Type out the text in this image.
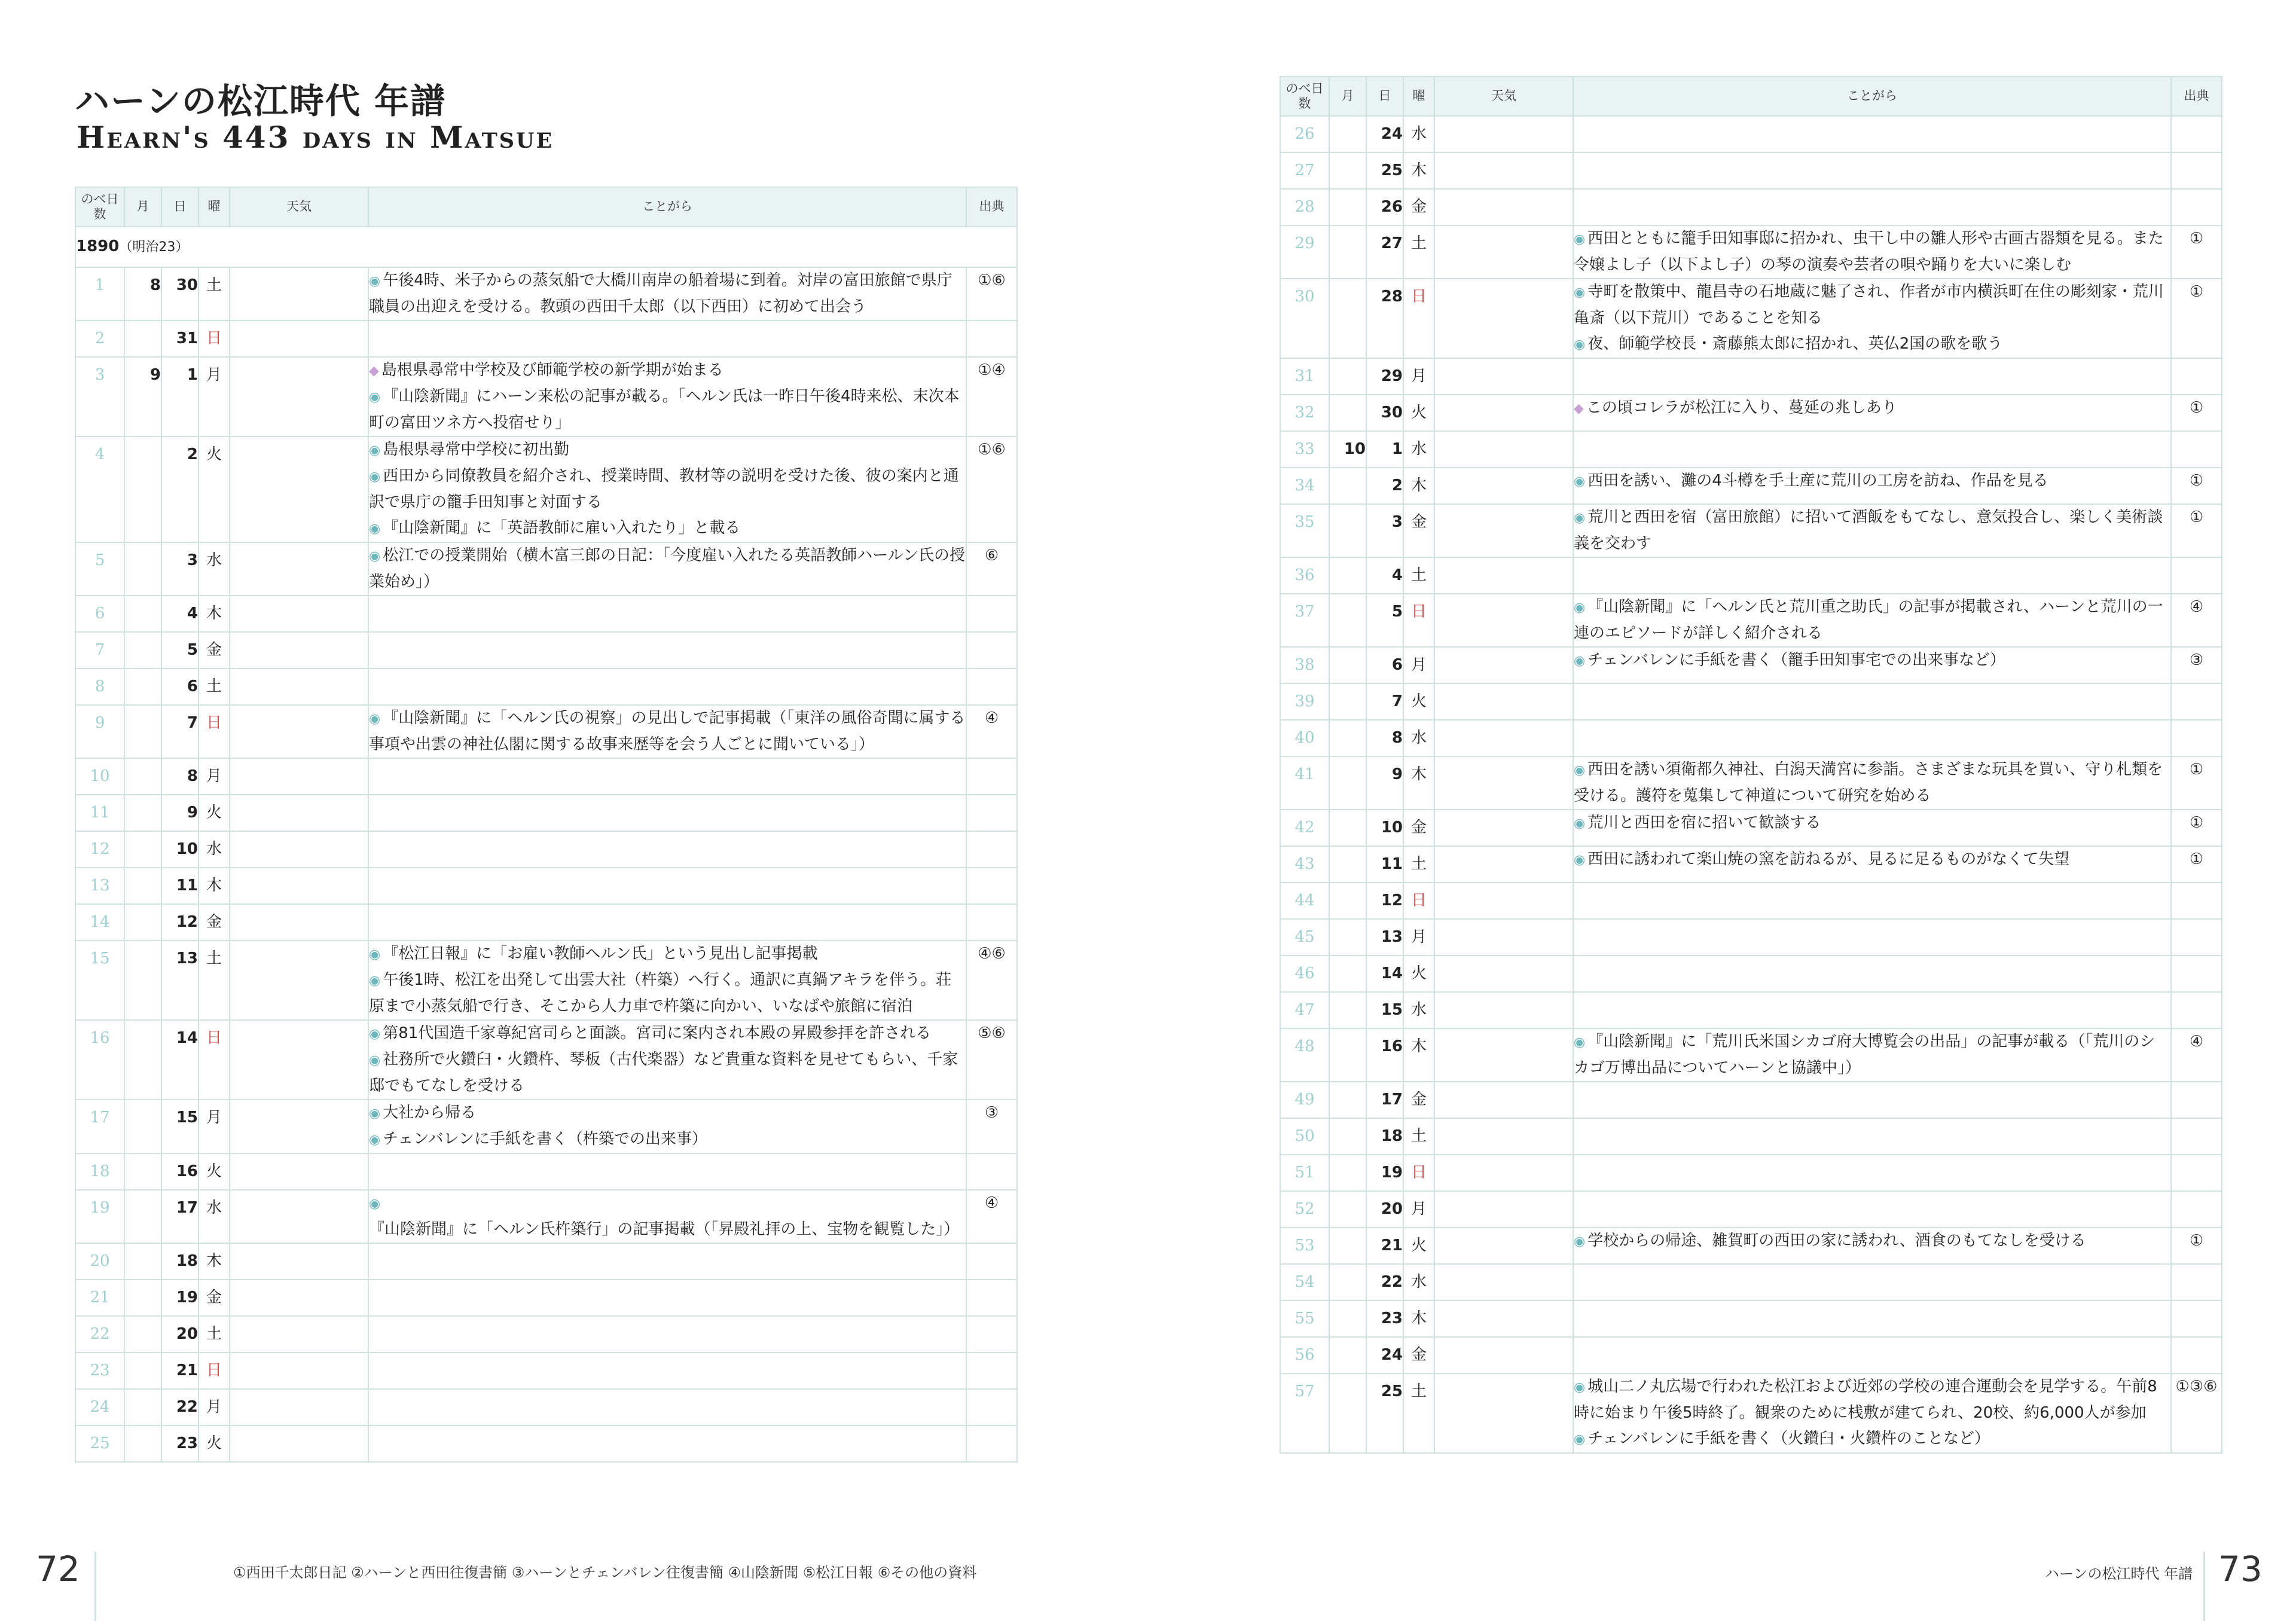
ハーンの松江時代 年譜
Hearn's 443 days in Matsue
のべ日数	月	日	曜	天気	ことがら	出典
1890（明治23）						
1	8	30	土		◉ 午後4時、米子からの蒸気船で大橋川南岸の船着場に到着。対岸の富田旅館で県庁職員の出迎えを受ける。教頭の西田千太郎（以下西田）に初めて出会う	①⑥
2		31	日			
3	9	1	月		◆ 島根県尋常中学校及び師範学校の新学期が始まる
◉ 『山陰新聞』にハーン来松の記事が載る。「ヘルン氏は一昨日午後4時来松、末次本町の富田ツネ方へ投宿せり」	①④
4		2	火		◉ 島根県尋常中学校に初出勤
◉ 西田から同僚教員を紹介され、授業時間、教材等の説明を受けた後、彼の案内と通訳で県庁の籠手田知事と対面する
◉ 『山陰新聞』に「英語教師に雇い入れたり」と載る	①⑥
5		3	水		◉ 松江での授業開始（横木富三郎の日記：「今度雇い入れたる英語教師ハールン氏の授業始め」）	⑥
6		4	木			
7		5	金			
8		6	土			
9		7	日		◉ 『山陰新聞』に「ヘルン氏の視察」の見出しで記事掲載（「東洋の風俗奇聞に属する事項や出雲の神社仏閣に関する故事来歴等を会う人ごとに聞いている」）	④
10		8	月			
11		9	火			
12		10	水			
13		11	木			
14		12	金			
15		13	土		◉ 『松江日報』に「お雇い教師ヘルン氏」という見出し記事掲載
◉ 午後1時、松江を出発して出雲大社（杵築）へ行く。通訳に真鍋アキラを伴う。荘原まで小蒸気船で行き、そこから人力車で杵築に向かい、いなばや旅館に宿泊	④⑥
16		14	日		◉ 第81代国造千家尊紀宮司らと面談。宮司に案内され本殿の昇殿参拝を許される
◉ 社務所で火鑽臼・火鑽杵、琴板（古代楽器）など貴重な資料を見せてもらい、千家邸でもてなしを受ける	⑤⑥
17		15	月		◉ 大社から帰る
◉ チェンバレンに手紙を書く（杵築での出来事）	③
18		16	火			
19		17	水		◉『山陰新聞』に「ヘルン氏杵築行」の記事掲載（「昇殿礼拝の上、宝物を観覧した」）	④
20		18	木			
21		19	金			
22		20	土			
23		21	日			
24		22	月			
25		23	火			
のべ日数	月	日	曜	天気	ことがら	出典
26		24	水			
27		25	木			
28		26	金			
29		27	土		◉ 西田とともに籠手田知事邸に招かれ、虫干し中の雛人形や古画古器類を見る。また令嬢よし子（以下よし子）の琴の演奏や芸者の唄や踊りを大いに楽しむ	①
30		28	日		◉ 寺町を散策中、龍昌寺の石地蔵に魅了され、作者が市内横浜町在住の彫刻家・荒川亀斎（以下荒川）であることを知る
◉ 夜、師範学校長・斎藤熊太郎に招かれ、英仏2国の歌を歌う	①
31		29	月			
32		30	火		◆ この頃コレラが松江に入り、蔓延の兆しあり	①
33	10	1	水			
34		2	木		◉ 西田を誘い、灘の4斗樽を手土産に荒川の工房を訪ね、作品を見る	①
35		3	金		◉ 荒川と西田を宿（富田旅館）に招いて酒飯をもてなし、意気投合し、楽しく美術談義を交わす	①
36		4	土			
37		5	日		◉ 『山陰新聞』に「ヘルン氏と荒川重之助氏」の記事が掲載され、ハーンと荒川の一連のエピソードが詳しく紹介される	④
38		6	月		◉ チェンバレンに手紙を書く（籠手田知事宅での出来事など）	③
39		7	火			
40		8	水			
41		9	木		◉ 西田を誘い須衛都久神社、白潟天満宮に参詣。さまざまな玩具を買い、守り札類を受ける。護符を蒐集して神道について研究を始める	①
42		10	金		◉ 荒川と西田を宿に招いて歓談する	①
43		11	土		◉ 西田に誘われて楽山焼の窯を訪ねるが、見るに足るものがなくて失望	①
44		12	日			
45		13	月			
46		14	火			
47		15	水			
48		16	木		◉ 『山陰新聞』に「荒川氏米国シカゴ府大博覧会の出品」の記事が載る（「荒川のシカゴ万博出品についてハーンと協議中」）	④
49		17	金			
50		18	土			
51		19	日			
52		20	月			
53		21	火		◉ 学校からの帰途、雑賀町の西田の家に誘われ、酒食のもてなしを受ける	①
54		22	水			
55		23	木			
56		24	金			
57		25	土		◉ 城山二ノ丸広場で行われた松江および近郊の学校の連合運動会を見学する。午前8時に始まり午後5時終了。観衆のために桟敷が建てられ、20校、約6,000人が参加
◉ チェンバレンに手紙を書く（火鑽臼・火鑽杵のことなど）	①③⑥
72	①西田千太郎日記 ②ハーンと西田往復書簡 ③ハーンとチェンバレン往復書簡 ④山陰新聞 ⑤松江日報 ⑥その他の資料	ハーンの松江時代 年譜 73
